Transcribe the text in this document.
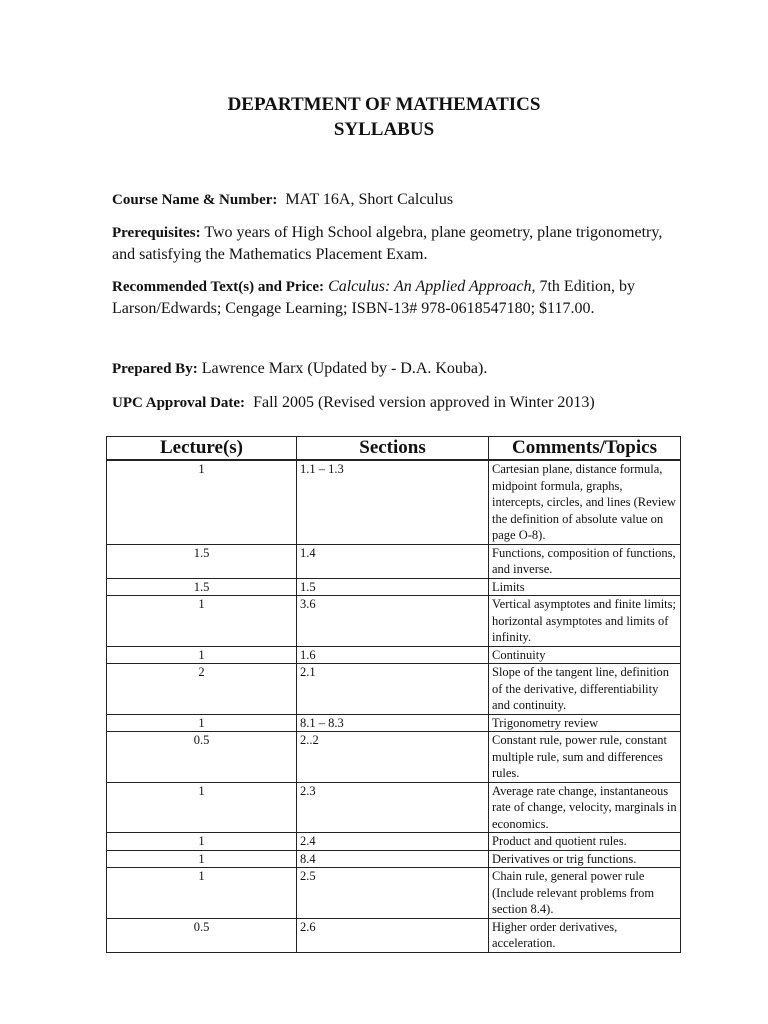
DEPARTMENT OF MATHEMATICS
SYLLABUS
Course Name & Number: MAT 16A, Short Calculus
Prerequisites: Two years of High School algebra, plane geometry, plane trigonometry, and satisfying the Mathematics Placement Exam.
Recommended Text(s) and Price: Calculus: An Applied Approach, 7th Edition, by Larson/Edwards; Cengage Learning; ISBN-13# 978-0618547180; $117.00.
Prepared By: Lawrence Marx (Updated by - D.A. Kouba).
UPC Approval Date: Fall 2005 (Revised version approved in Winter 2013)
Lecture(s)	Sections	Comments/Topics
1	1.1 – 1.3	Cartesian plane, distance formula, midpoint formula, graphs, intercepts, circles, and lines (Review the definition of absolute value on page O-8).
1.5	1.4	Functions, composition of functions, and inverse.
1.5	1.5	Limits
1	3.6	Vertical asymptotes and finite limits; horizontal asymptotes and limits of infinity.
1	1.6	Continuity
2	2.1	Slope of the tangent line, definition of the derivative, differentiability and continuity.
1	8.1 – 8.3	Trigonometry review
0.5	2..2	Constant rule, power rule, constant multiple rule, sum and differences rules.
1	2.3	Average rate change, instantaneous rate of change, velocity, marginals in economics.
1	2.4	Product and quotient rules.
1	8.4	Derivatives or trig functions.
1	2.5	Chain rule, general power rule (Include relevant problems from section 8.4).
0.5	2.6	Higher order derivatives, acceleration.
